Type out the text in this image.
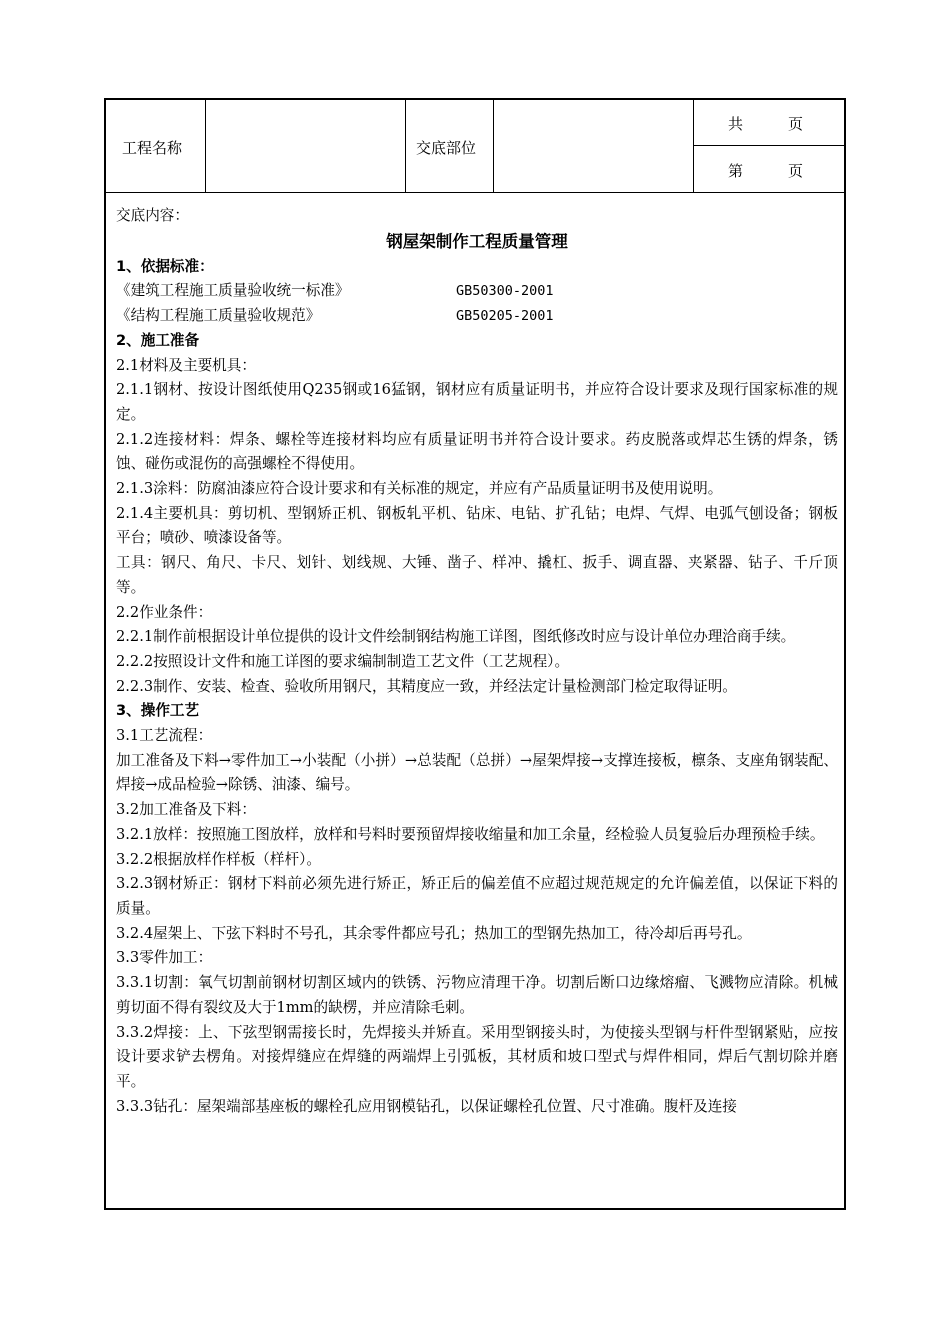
工程名称	交底部位
共　　　页
第　　　页

交底内容：

钢屋架制作工程质量管理

1、依据标准：

《建筑工程施工质量验收统一标准》	GB50300-2001
《结构工程施工质量验收规范》	GB50205-2001

2、施工准备

2.1材料及主要机具：

2.1.1钢材、按设计图纸使用Q235钢或16猛钢，钢材应有质量证明书，并应符合设计要求及现行国家标准的规定。

2.1.2连接材料：焊条、螺栓等连接材料均应有质量证明书并符合设计要求。药皮脱落或焊芯生锈的焊条，锈蚀、碰伤或混伤的高强螺栓不得使用。

2.1.3涂料：防腐油漆应符合设计要求和有关标准的规定，并应有产品质量证明书及使用说明。

2.1.4主要机具：剪切机、型钢矫正机、钢板轧平机、钻床、电钻、扩孔钻；电焊、气焊、电弧气刨设备；钢板平台；喷砂、喷漆设备等。

工具：钢尺、角尺、卡尺、划针、划线规、大锤、凿子、样冲、撬杠、扳手、调直器、夹紧器、钻子、千斤顶等。

2.2作业条件：

2.2.1制作前根据设计单位提供的设计文件绘制钢结构施工详图，图纸修改时应与设计单位办理洽商手续。

2.2.2按照设计文件和施工详图的要求编制制造工艺文件（工艺规程）。

2.2.3制作、安装、检查、验收所用钢尺，其精度应一致，并经法定计量检测部门检定取得证明。

3、操作工艺

3.1工艺流程：

加工准备及下料→零件加工→小装配（小拼）→总装配（总拼）→屋架焊接→支撑连接板，檩条、支座角钢装配、焊接→成品检验→除锈、油漆、编号。

3.2加工准备及下料：

3.2.1放样：按照施工图放样，放样和号料时要预留焊接收缩量和加工余量，经检验人员复验后办理预检手续。

3.2.2根据放样作样板（样杆）。

3.2.3钢材矫正：钢材下料前必须先进行矫正，矫正后的偏差值不应超过规范规定的允许偏差值，以保证下料的质量。

3.2.4屋架上、下弦下料时不号孔，其余零件都应号孔；热加工的型钢先热加工，待冷却后再号孔。

3.3零件加工：

3.3.1切割：氧气切割前钢材切割区域内的铁锈、污物应清理干净。切割后断口边缘熔瘤、飞溅物应清除。机械剪切面不得有裂纹及大于1mm的缺楞，并应清除毛刺。

3.3.2焊接：上、下弦型钢需接长时，先焊接头并矫直。采用型钢接头时，为使接头型钢与杆件型钢紧贴，应按设计要求铲去楞角。对接焊缝应在焊缝的两端焊上引弧板，其材质和坡口型式与焊件相同，焊后气割切除并磨平。

3.3.3钻孔：屋架端部基座板的螺栓孔应用钢模钻孔，以保证螺栓孔位置、尺寸准确。腹杆及连接
